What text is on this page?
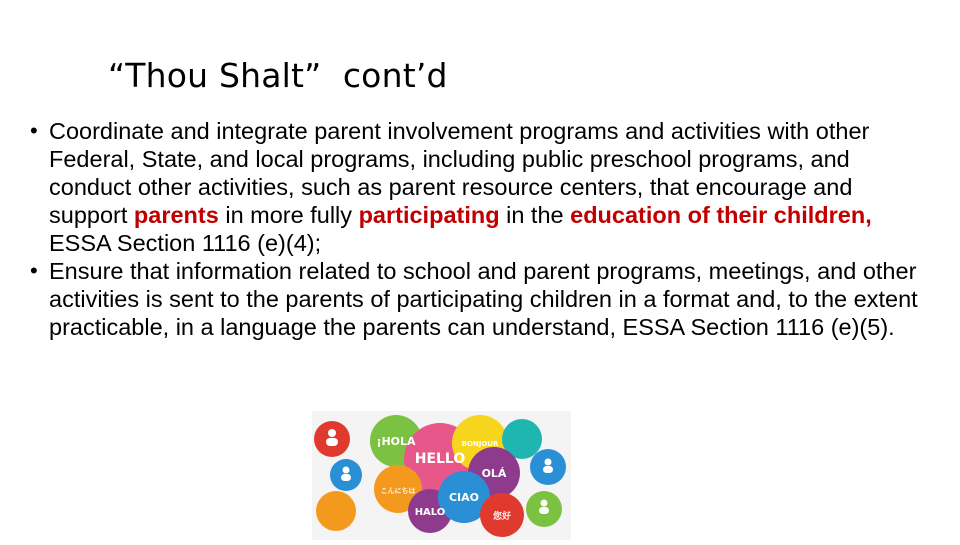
“Thou Shalt” cont’d
• Coordinate and integrate parent involvement programs and activities with other Federal, State, and local programs, including public preschool programs, and conduct other activities, such as parent resource centers, that encourage and support parents in more fully participating in the education of their children, ESSA Section 1116 (e)(4);
• Ensure that information related to school and parent programs, meetings, and other activities is sent to the parents of participating children in a format and, to the extent practicable, in a language the parents can understand, ESSA Section 1116 (e)(5).
¡HOLA	BONJOUR
HELLO
OLÁ
こんにちは	CIAO
HALO	您好
